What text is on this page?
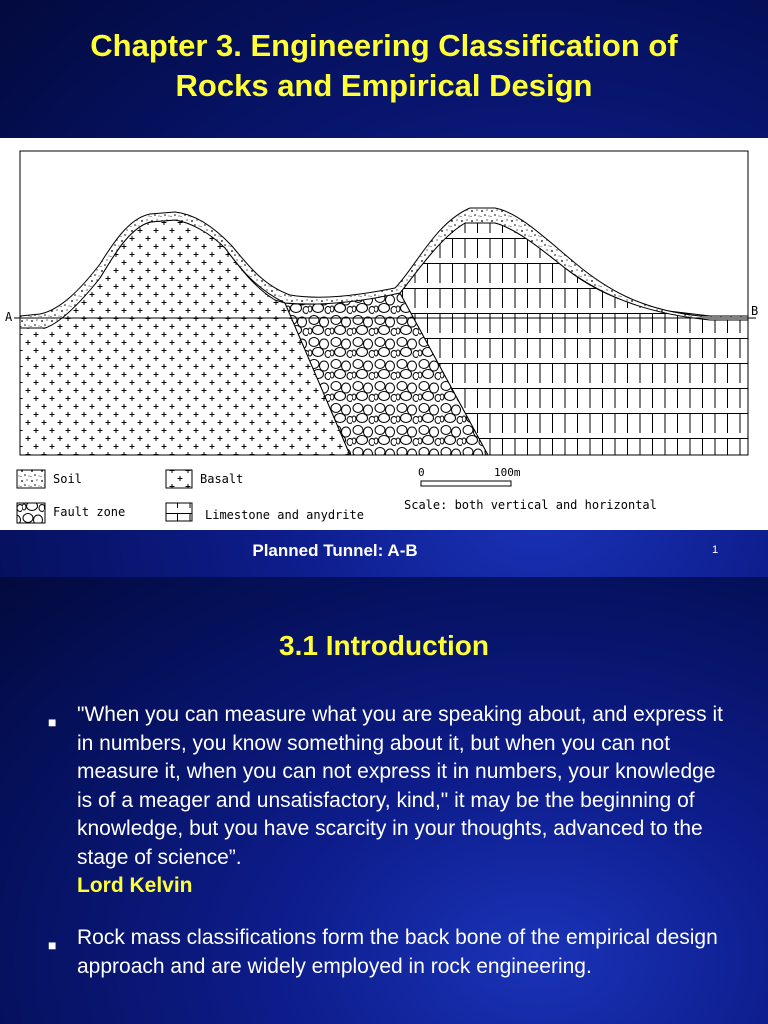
Chapter 3. Engineering Classification of
Rocks and Empirical Design
A	B
Soil	Basalt
Fault zone	Limestone and anydrite
0	100m
Scale: both vertical and horizontal
Planned Tunnel: A-B	1
3.1 Introduction
■ "When you can measure what you are speaking about, and express it in numbers, you know something about it, but when you can not measure it, when you can not express it in numbers, your knowledge is of a meager and unsatisfactory, kind," it may be the beginning of knowledge, but you have scarcity in your thoughts, advanced to the stage of science”.
Lord Kelvin
■ Rock mass classifications form the back bone of the empirical design approach and are widely employed in rock engineering.
